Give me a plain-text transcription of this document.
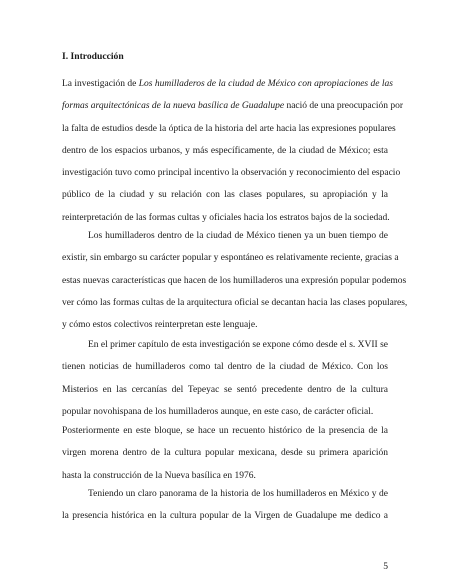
I. Introducción
La investigación de Los humilladeros de la ciudad de México con apropiaciones de las
formas arquitectónicas de la nueva basílica de Guadalupe nació de una preocupación por
la falta de estudios desde la óptica de la historia del arte hacia las expresiones populares
dentro de los espacios urbanos, y más específicamente, de la ciudad de México; esta
investigación tuvo como principal incentivo la observación y reconocimiento del espacio
público de la ciudad y su relación con las clases populares, su apropiación y la
reinterpretación de las formas cultas y oficiales hacia los estratos bajos de la sociedad.
Los humilladeros dentro de la ciudad de México tienen ya un buen tiempo de
existir, sin embargo su carácter popular y espontáneo es relativamente reciente, gracias a
estas nuevas características que hacen de los humilladeros una expresión popular podemos
ver cómo las formas cultas de la arquitectura oficial se decantan hacia las clases populares,
y cómo estos colectivos reinterpretan este lenguaje.
En el primer capítulo de esta investigación se expone cómo desde el s. XVII se
tienen noticias de humilladeros como tal dentro de la ciudad de México. Con los
Misterios en las cercanías del Tepeyac se sentó precedente dentro de la cultura
popular novohispana de los humilladeros aunque, en este caso, de carácter oficial.
Posteriormente en este bloque, se hace un recuento histórico de la presencia de la
virgen morena dentro de la cultura popular mexicana, desde su primera aparición
hasta la construcción de la Nueva basílica en 1976.
Teniendo un claro panorama de la historia de los humilladeros en México y de
la presencia histórica en la cultura popular de la Virgen de Guadalupe me dedico a
5
